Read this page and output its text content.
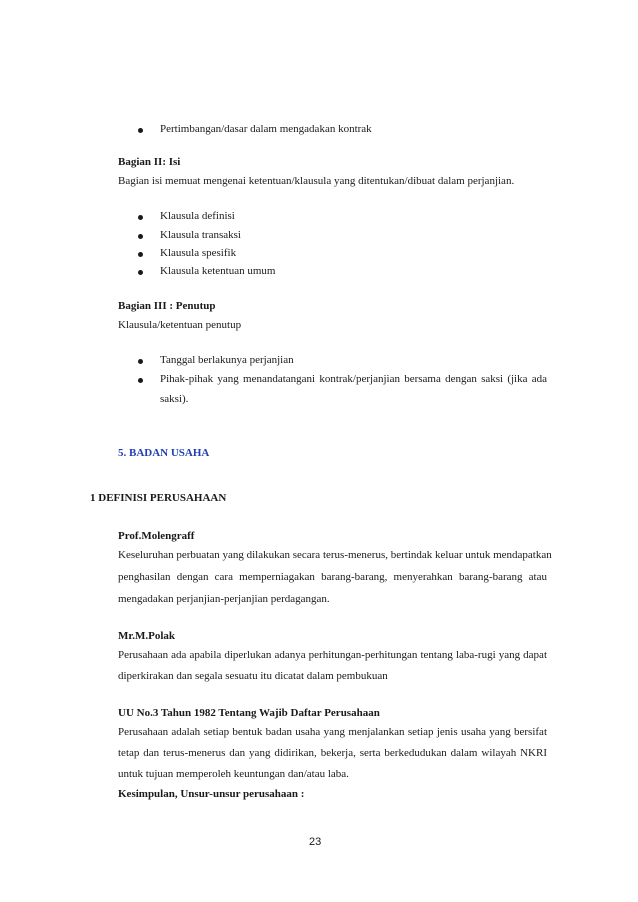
Pertimbangan/dasar dalam mengadakan kontrak
Bagian II: Isi
Bagian isi memuat mengenai ketentuan/klausula yang ditentukan/dibuat dalam perjanjian.
Klausula definisi
Klausula transaksi
Klausula spesifik
Klausula ketentuan umum
Bagian III : Penutup
Klausula/ketentuan penutup
Tanggal berlakunya perjanjian
Pihak-pihak yang menandatangani kontrak/perjanjian bersama dengan saksi (jika ada
saksi).
5. BADAN USAHA
1 DEFINISI PERUSAHAAN
Prof.Molengraff
Keseluruhan perbuatan yang dilakukan secara terus-menerus, bertindak keluar untuk mendapatkan
penghasilan dengan cara memperniagakan barang-barang, menyerahkan barang-barang atau
mengadakan perjanjian-perjanjian perdagangan.
Mr.M.Polak
Perusahaan ada apabila diperlukan adanya perhitungan-perhitungan tentang laba-rugi yang dapat
diperkirakan dan segala sesuatu itu dicatat dalam pembukuan
UU No.3 Tahun 1982 Tentang Wajib Daftar Perusahaan
Perusahaan adalah setiap bentuk badan usaha yang menjalankan setiap jenis usaha yang bersifat
tetap dan terus-menerus dan yang didirikan, bekerja, serta berkedudukan dalam wilayah NKRI
untuk tujuan memperoleh keuntungan dan/atau laba.
Kesimpulan, Unsur-unsur perusahaan :
23
